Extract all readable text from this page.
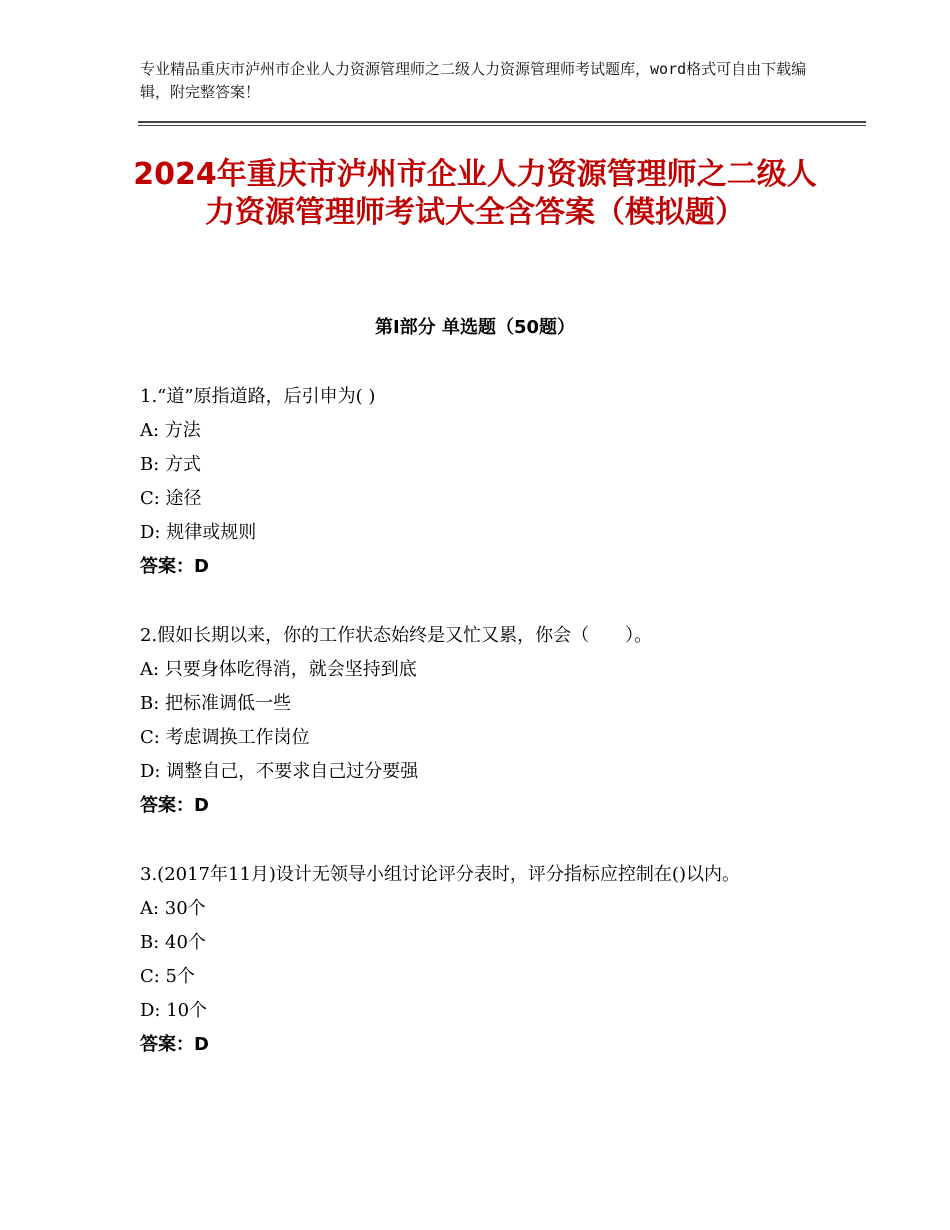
专业精品重庆市泸州市企业人力资源管理师之二级人力资源管理师考试题库，word格式可自由下载编辑，附完整答案！
2024年重庆市泸州市企业人力资源管理师之二级人力资源管理师考试大全含答案（模拟题）
第Ⅰ部分 单选题（50题）

1.“道”原指道路，后引申为( )

A: 方法

B: 方式

C: 途径

D: 规律或规则

答案：D

2.假如长期以来，你的工作状态始终是又忙又累，你会（　　）。

A: 只要身体吃得消，就会坚持到底

B: 把标准调低一些

C: 考虑调换工作岗位

D: 调整自己，不要求自己过分要强

答案：D

3.(2017年11月)设计无领导小组讨论评分表时，评分指标应控制在()以内。

A: 30个

B: 40个

C: 5个

D: 10个

答案：D
